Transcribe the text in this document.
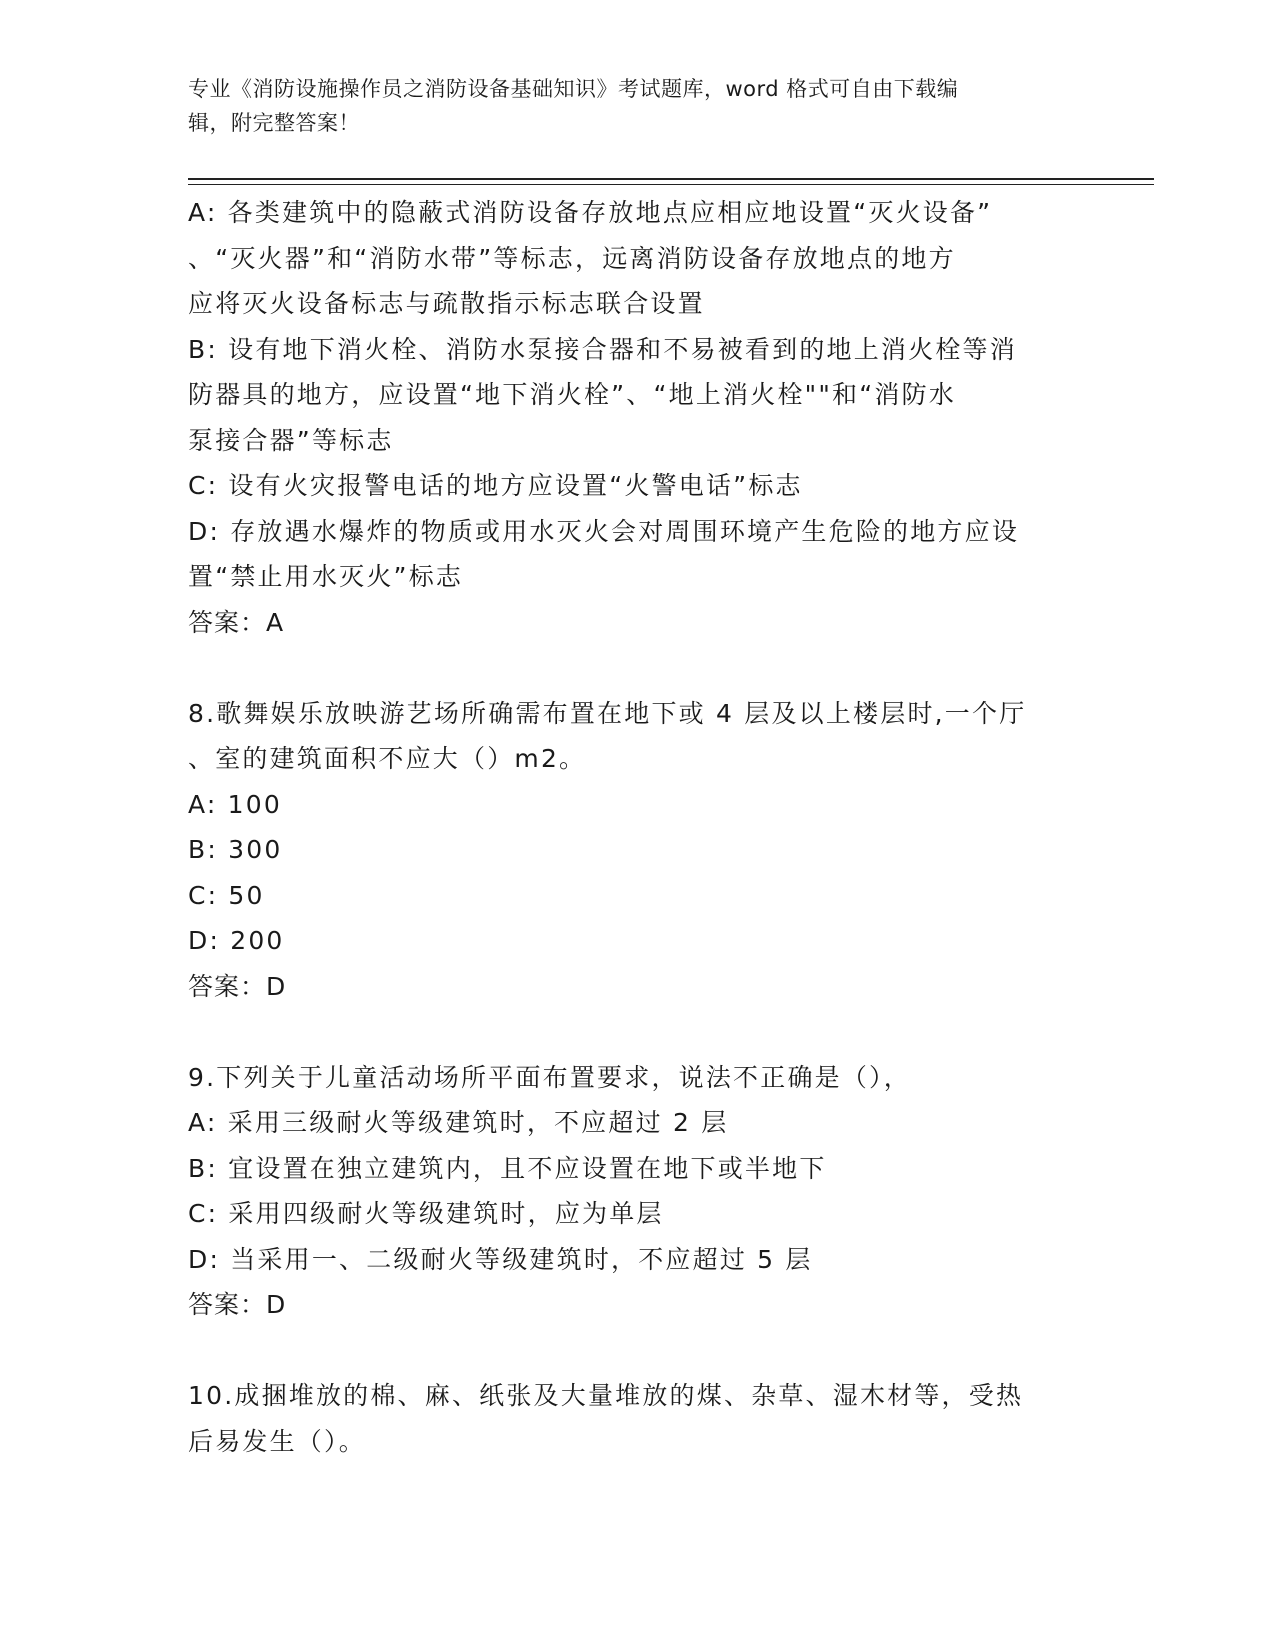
专业《消防设施操作员之消防设备基础知识》考试题库，word 格式可自由下载编
辑，附完整答案！
A: 各类建筑中的隐蔽式消防设备存放地点应相应地设置“灭火设备”
、“灭火器”和“消防水带”等标志，远离消防设备存放地点的地方
应将灭火设备标志与疏散指示标志联合设置
B: 设有地下消火栓、消防水泵接合器和不易被看到的地上消火栓等消
防器具的地方，应设置“地下消火栓”、“地上消火栓""和“消防水
泵接合器”等标志
C: 设有火灾报警电话的地方应设置“火警电话”标志
D: 存放遇水爆炸的物质或用水灭火会对周围环境产生危险的地方应设
置“禁止用水灭火”标志
答案：A
8.歌舞娱乐放映游艺场所确需布置在地下或 4 层及以上楼层时,一个厅
、室的建筑面积不应大（）m2。
A: 100
B: 300
C: 50
D: 200
答案：D
9.下列关于儿童活动场所平面布置要求，说法不正确是（），
A: 采用三级耐火等级建筑时，不应超过 2 层
B: 宜设置在独立建筑内，且不应设置在地下或半地下
C: 采用四级耐火等级建筑时，应为单层
D: 当采用一、二级耐火等级建筑时，不应超过 5 层
答案：D
10.成捆堆放的棉、麻、纸张及大量堆放的煤、杂草、湿木材等，受热
后易发生（）。
